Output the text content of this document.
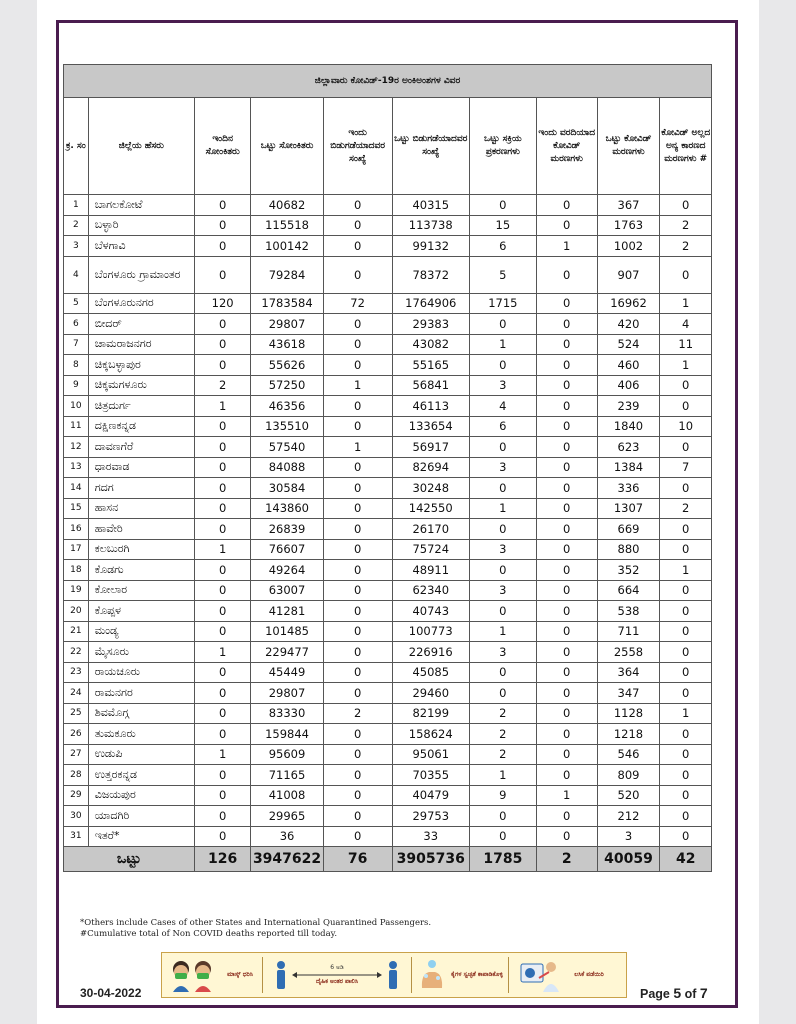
ಜಿಲ್ಲಾವಾರು ಕೋವಿಡ್-19ರ ಅಂಕಿಅಂಶಗಳ ವಿವರ									
ಕ್ರ. ಸಂ	ಜಿಲ್ಲೆಯ ಹೆಸರು	ಇಂದಿನ ಸೋಂಕಿತರು	ಒಟ್ಟು ಸೋಂಕಿತರು	ಇಂದು ಬಿಡುಗಡೆಯಾದವರ ಸಂಖ್ಯೆ	ಒಟ್ಟು ಬಿಡುಗಡೆಯಾದವರ ಸಂಖ್ಯೆ	ಒಟ್ಟು ಸಕ್ರಿಯ ಪ್ರಕರಣಗಳು	ಇಂದು ವರದಿಯಾದ ಕೋವಿಡ್ ಮರಣಗಳು	ಒಟ್ಟು ಕೋವಿಡ್ ಮರಣಗಳು	ಕೋವಿಡ್ ಅಲ್ಲದ ಅನ್ಯ ಕಾರಣದ ಮರಣಗಳು #
1	ಬಾಗಲಕೋಟೆ	0	40682	0	40315	0	0	367	0
2	ಬಳ್ಳಾರಿ	0	115518	0	113738	15	0	1763	2
3	ಬೆಳಗಾವಿ	0	100142	0	99132	6	1	1002	2
4	ಬೆಂಗಳೂರು ಗ್ರಾಮಾಂತರ	0	79284	0	78372	5	0	907	0
5	ಬೆಂಗಳೂರುನಗರ	120	1783584	72	1764906	1715	0	16962	1
6	ಬೀದರ್	0	29807	0	29383	0	0	420	4
7	ಚಾಮರಾಜನಗರ	0	43618	0	43082	1	0	524	11
8	ಚಿಕ್ಕಬಳ್ಳಾಪುರ	0	55626	0	55165	0	0	460	1
9	ಚಿಕ್ಕಮಗಳೂರು	2	57250	1	56841	3	0	406	0
10	ಚಿತ್ರದುರ್ಗ	1	46356	0	46113	4	0	239	0
11	ದಕ್ಷಿಣಕನ್ನಡ	0	135510	0	133654	6	0	1840	10
12	ದಾವಣಗೆರೆ	0	57540	1	56917	0	0	623	0
13	ಧಾರವಾಡ	0	84088	0	82694	3	0	1384	7
14	ಗದಗ	0	30584	0	30248	0	0	336	0
15	ಹಾಸನ	0	143860	0	142550	1	0	1307	2
16	ಹಾವೇರಿ	0	26839	0	26170	0	0	669	0
17	ಕಲಬುರಗಿ	1	76607	0	75724	3	0	880	0
18	ಕೊಡಗು	0	49264	0	48911	0	0	352	1
19	ಕೋಲಾರ	0	63007	0	62340	3	0	664	0
20	ಕೊಪ್ಪಳ	0	41281	0	40743	0	0	538	0
21	ಮಂಡ್ಯ	0	101485	0	100773	1	0	711	0
22	ಮೈಸೂರು	1	229477	0	226916	3	0	2558	0
23	ರಾಯಚೂರು	0	45449	0	45085	0	0	364	0
24	ರಾಮನಗರ	0	29807	0	29460	0	0	347	0
25	ಶಿವಮೊಗ್ಗ	0	83330	2	82199	2	0	1128	1
26	ತುಮಕೂರು	0	159844	0	158624	2	0	1218	0
27	ಉಡುಪಿ	1	95609	0	95061	2	0	546	0
28	ಉತ್ತರಕನ್ನಡ	0	71165	0	70355	1	0	809	0
29	ವಿಜಯಪುರ	0	41008	0	40479	9	1	520	0
30	ಯಾದಗಿರಿ	0	29965	0	29753	0	0	212	0
31	ಇತರೆ*	0	36	0	33	0	0	3	0
ಒಟ್ಟು		126	3947622	76	3905736	1785	2	40059	42
*Others include Cases of other States and International Quarantined Passengers.
#Cumulative total of Non COVID deaths reported till today.
ಮಾಸ್ಕ್ ಧರಿಸಿ
6 ಅಡಿ
ದೈಹಿಕ ಅಂತರ ಪಾಲಿಸಿ
ಕೈಗಳ ಸ್ವಚ್ಛತೆ ಕಾಪಾಡಿಕೊಳ್ಳಿ	ಲಸಿಕೆ ಪಡೆಯಿರಿ
30-04-2022	Page 5 of 7
